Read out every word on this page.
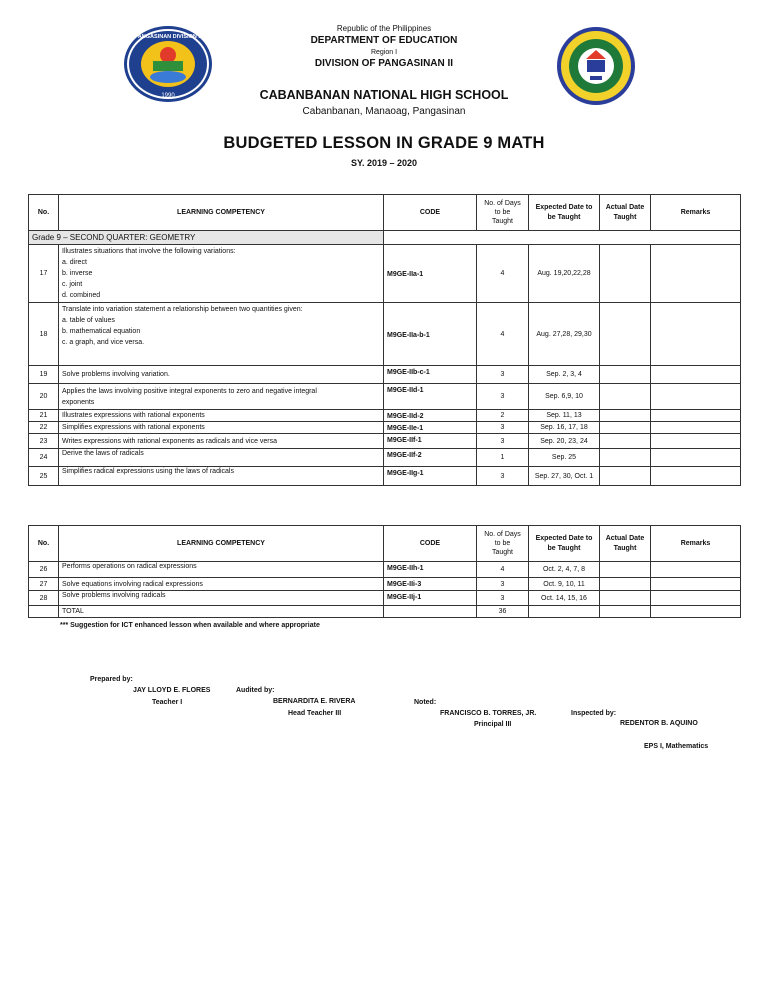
Republic of the Philippines
DEPARTMENT OF EDUCATION
Region I
DIVISION OF PANGASINAN II
CABANBANAN NATIONAL HIGH SCHOOL
Cabanbanan, Manaoag, Pangasinan
BUDGETED LESSON IN GRADE 9 MATH
SY. 2019 – 2020
1990
PANGASINAN DIVISION II
No.	LEARNING COMPETENCY	CODE	No. of Days
to be
Taught	Expected Date to
be Taught	Actual Date
Taught	Remarks
Grade 9 – SECOND QUARTER: GEOMETRY						
17	Illustrates situations that involve the following variations:
a. direct
b. inverse
c. joint
d. combined	M9GE-IIa-1	4	Aug. 19,20,22,28		
18	Translate into variation statement a relationship between two quantities given:
a. table of values
b. mathematical equation
c. a graph, and vice versa.	M9GE-IIa-b-1	4	Aug. 27,28, 29,30		
19	Solve problems involving variation.	M9GE-IIb-c-1	3	Sep. 2, 3, 4		
20	Applies the laws involving positive integral exponents to zero and negative integral
exponents	M9GE-IId-1	3	Sep. 6,9, 10		
21	Illustrates expressions with rational exponents	M9GE-IId-2	2	Sep. 11, 13		
22	Simplifies expressions with rational exponents	M9GE-IIe-1	3	Sep. 16, 17, 18		
23	Writes expressions with rational exponents as radicals and vice versa	M9GE-IIf-1	3	Sep. 20, 23, 24		
24	Derive the laws of radicals	M9GE-IIf-2	1	Sep. 25		
25	Simplifies radical expressions using the laws of radicals	M9GE-IIg-1	3	Sep. 27, 30, Oct. 1		
No.	LEARNING COMPETENCY	CODE	No. of Days
to be
Taught	Expected Date to
be Taught	Actual Date
Taught	Remarks
26	Performs operations on radical expressions	M9GE-IIh-1	4	Oct. 2, 4, 7, 8		
27	Solve equations involving radical expressions	M9GE-IIi-3	3	Oct. 9, 10, 11		
28	Solve problems involving radicals	M9GE-IIj-1	3	Oct. 14, 15, 16		
	TOTAL		36			
*** Suggestion for ICT enhanced lesson when available and where appropriate
Prepared by:
JAY LLOYD E. FLORES
Teacher I
Audited by:
BERNARDITA E. RIVERA
Head Teacher III
Noted:
FRANCISCO B. TORRES, JR.
Principal III
Inspected by:
REDENTOR B. AQUINO
EPS I, Mathematics
